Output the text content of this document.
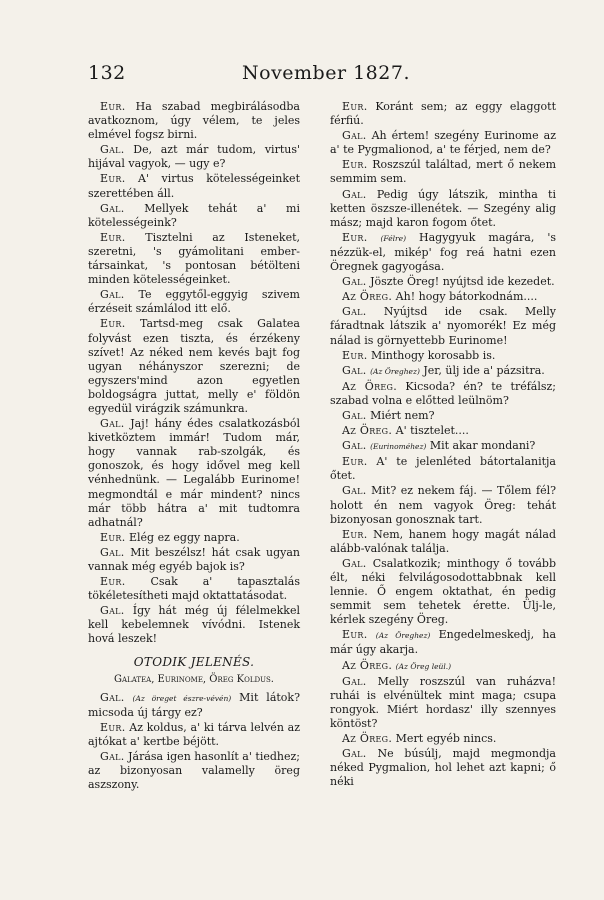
132	November 1827.

Eur. Ha szabad megbirálásodba avatkoznom, úgy vélem, te jeles elmével fogsz birni.

Gal. De, azt már tudom, virtus' hijával vagyok, — ugy e?

Eur. A' virtus kötelességeinket szerettében áll.

Gal. Mellyek tehát a' mi kötelességeink?

Eur. Tisztelni az Isteneket, szeretni, 's gyámolitani ember-társainkat, 's pontosan bétölteni minden kötelességeinket.

Gal. Te eggytől-eggyig szivem érzéseit számlálod itt elő.

Eur. Tartsd-meg csak Galatea folyvást ezen tiszta, és érzékeny szívet! Az néked nem kevés bajt fog ugyan néhányszor szerezni; de egyszers'mind azon egyetlen boldogságra juttat, melly e' földön egyedül virágzik számunkra.

Gal. Jaj! hány édes csalatkozásból kivetköztem immár! Tudom már, hogy vannak rab-szolgák, és gonoszok, és hogy idővel meg kell vénhednünk. — Legalább Eurinome! megmondtál e már mindent? nincs már több hátra a' mit tudtomra adhatnál?

Eur. Elég ez eggy napra.

Gal. Mit beszélsz! hát csak ugyan vannak még egyéb bajok is?

Eur. Csak a' tapasztalás tökéletesítheti majd oktattatásodat.

Gal. Így hát még új félelmekkel kell kebelemnek vívódni. Istenek hová leszek!

OTODIK JELENÉS.
Galatea, Eurinome, Öreg Koldus.

Gal. (Az öreget észre-vévén) Mit látok? micsoda új tárgy ez?

Eur. Az koldus, a' ki tárva lelvén az ajtókat a' kertbe béjött.

Gal. Járása igen hasonlít a' tiedhez; az bizonyosan valamelly öreg aszszony.

Eur. Koránt sem; az eggy elaggott férfiú.

Gal. Ah értem! szegény Eurinome az a' te Pygmalionod, a' te férjed, nem de?

Eur. Roszszúl találtad, mert ő nekem semmim sem.

Gal. Pedig úgy látszik, mintha ti ketten öszsze-illenétek. — Szegény alig mász; majd karon fogom őtet.

Eur. (Félre) Hagygyuk magára, 's nézzük-el, mikép' fog reá hatni ezen Öregnek gagyogása.

Gal. Jöszte Öreg! nyújtsd ide kezedet.

Az Öreg. Ah! hogy bátorkodnám....

Gal. Nyújtsd ide csak. Melly fáradtnak látszik a' nyomorék! Ez még nálad is görnyettebb Eurinome!

Eur. Minthogy korosabb is.

Gal. (Az Öreghez) Jer, ülj ide a' pázsitra.

Az Öreg. Kicsoda? én? te tréfálsz; szabad volna e előtted leülnöm?

Gal. Miért nem?

Az Öreg. A' tisztelet....

Gal. (Eurinoméhez) Mit akar mondani?

Eur. A' te jelenléted bátortalanitja őtet.

Gal. Mit? ez nekem fáj. — Tőlem fél? holott én nem vagyok Öreg: tehát bizonyosan gonosznak tart.

Eur. Nem, hanem hogy magát nálad alább-valónak találja.

Gal. Csalatkozik; minthogy ő tovább élt, néki felvilágosodottabbnak kell lennie. Ő engem oktathat, én pedig semmit sem tehetek érette. Ülj-le, kérlek szegény Öreg.

Eur. (Az Öreghez) Engedelmeskedj, ha már úgy akarja.

Az Öreg. (Az Öreg leül.)

Gal. Melly roszszúl van ruházva! ruhái is elvénültek mint maga; csupa rongyok. Miért hordasz' illy szennyes köntöst?

Az Öreg. Mert egyéb nincs.

Gal. Ne búsúlj, majd megmondja néked Pygmalion, hol lehet azt kapni; ő néki
